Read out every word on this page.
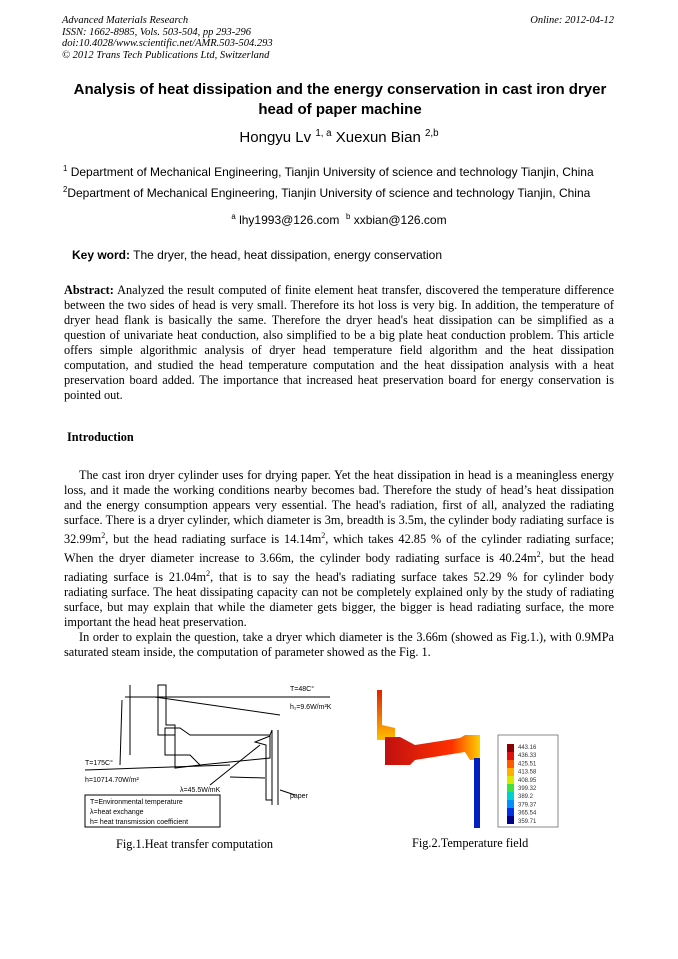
Advanced Materials Research
ISSN: 1662-8985, Vols. 503-504, pp 293-296
doi:10.4028/www.scientific.net/AMR.503-504.293
© 2012 Trans Tech Publications Ltd, Switzerland
Online: 2012-04-12
Analysis of heat dissipation and the energy conservation in cast iron dryer head of paper machine
Hongyu Lv $^{1, a}$ Xuexun Bian $^{2,b}$
$^1$ Department of Mechanical Engineering, Tianjin University of science and technology Tianjin, China
$^2$Department of Mechanical Engineering, Tianjin University of science and technology Tianjin, China
$^a$ lhy1993@126.com $^b$ xxbian@126.com
Key word: The dryer, the head, heat dissipation, energy conservation
Abstract: Analyzed the result computed of finite element heat transfer, discovered the temperature difference between the two sides of head is very small. Therefore its hot loss is very big. In addition, the temperature of dryer head flank is basically the same. Therefore the dryer head's heat dissipation can be simplified as a question of univariate heat conduction, also simplified to be a big plate heat conduction problem. This article offers simple algorithmic analysis of dryer head temperature field algorithm and the heat dissipation computation, and studied the head temperature computation and the heat dissipation analysis with a heat preservation board added. The importance that increased heat preservation board for energy conservation is pointed out.
Introduction

The cast iron dryer cylinder uses for drying paper. Yet the heat dissipation in head is a meaningless energy loss, and it made the working conditions nearby becomes bad. Therefore the study of head’s heat dissipation and the energy consumption appears very essential. The head's radiation, first of all, analyzed the radiating surface. There is a dryer cylinder, which diameter is 3m, breadth is 3.5m, the cylinder body radiating surface is $32.99m^2$, but the head radiating surface is $14.14m^2$, which takes 42.85 % of the cylinder radiating surface; When the dryer diameter increase to 3.66m, the cylinder body radiating surface is $40.24m^2$, but the head radiating surface is $21.04m^2$, that is to say the head's radiating surface takes 52.29 % for cylinder body radiating surface. The heat dissipating capacity can not be completely explained only by the study of radiating surface, but may explain that while the diameter gets bigger, the bigger is head radiating surface, the more important the head heat preservation.

In order to explain the question, take a dryer which diameter is the 3.66m (showed as Fig.1.), with 0.9MPa saturated steam inside, the computation of parameter showed as the Fig. 1.

T=48C°
h₁=9.6W/m²K
T=175C°
h=10714.70W/m²
λ=45.5W/mK
paper
T=Environmental temperature
λ=heat exchange
h= heat transmission coefficient
Fig.1.Heat transfer computation
443.16
436.33
425.51
413.58
408.95
399.32
389.2
379.37
365.54
359.71
Fig.2.Temperature field
